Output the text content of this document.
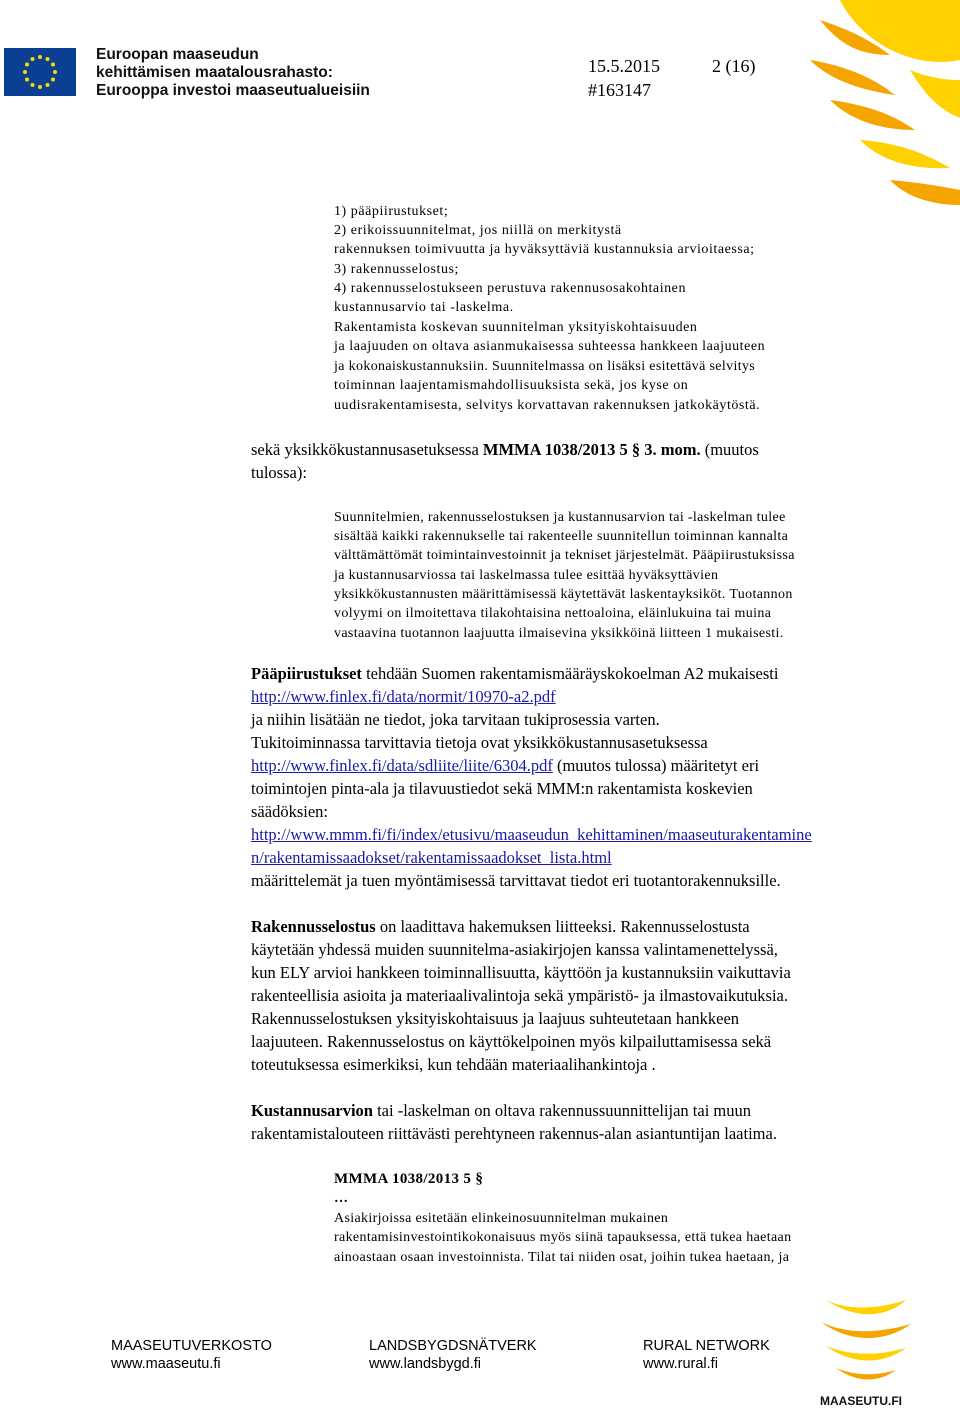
Euroopan maaseudun
kehittämisen maatalousrahasto:
Eurooppa investoi maaseutualueisiin
15.5.2015	2 (16)
#163147
1) pääpiirustukset;
2) erikoissuunnitelmat, jos niillä on merkitystä
rakennuksen toimivuutta ja hyväksyttäviä kustannuksia arvioitaessa;
3) rakennusselostus;
4) rakennusselostukseen perustuva rakennusosakohtainen
kustannusarvio tai -laskelma.
Rakentamista koskevan suunnitelman yksityiskohtaisuuden
ja laajuuden on oltava asianmukaisessa suhteessa hankkeen laajuuteen
ja kokonaiskustannuksiin. Suunnitelmassa on lisäksi esitettävä selvitys
toiminnan laajentamismahdollisuuksista sekä, jos kyse on
uudisrakentamisesta, selvitys korvattavan rakennuksen jatkokäytöstä.
sekä yksikkökustannusasetuksessa MMMA 1038/2013 5 § 3. mom. (muutos
tulossa):
Suunnitelmien, rakennusselostuksen ja kustannusarvion tai -laskelman tulee
sisältää kaikki rakennukselle tai rakenteelle suunnitellun toiminnan kannalta
välttämättömät toimintainvestoinnit ja tekniset järjestelmät. Pääpiirustuksissa
ja kustannusarviossa tai laskelmassa tulee esittää hyväksyttävien
yksikkökustannusten määrittämisessä käytettävät laskentayksiköt. Tuotannon
volyymi on ilmoitettava tilakohtaisina nettoaloina, eläinlukuina tai muina
vastaavina tuotannon laajuutta ilmaisevina yksikköinä liitteen 1 mukaisesti.
Pääpiirustukset tehdään Suomen rakentamismääräyskokoelman A2 mukaisesti
http://www.finlex.fi/data/normit/10970-a2.pdf
ja niihin lisätään ne tiedot, joka tarvitaan tukiprosessia varten.
Tukitoiminnassa tarvittavia tietoja ovat yksikkökustannusasetuksessa
http://www.finlex.fi/data/sdliite/liite/6304.pdf (muutos tulossa) määritetyt eri
toimintojen pinta-ala ja tilavuustiedot sekä MMM:n rakentamista koskevien
säädöksien:
http://www.mmm.fi/fi/index/etusivu/maaseudun_kehittaminen/maaseuturakentamine
n/rakentamissaadokset/rakentamissaadokset_lista.html
määrittelemät ja tuen myöntämisessä tarvittavat tiedot eri tuotantorakennuksille.
Rakennusselostus on laadittava hakemuksen liitteeksi. Rakennusselostusta
käytetään yhdessä muiden suunnitelma-asiakirjojen kanssa valintamenettelyssä,
kun ELY arvioi hankkeen toiminnallisuutta, käyttöön ja kustannuksiin vaikuttavia
rakenteellisia asioita ja materiaalivalintoja sekä ympäristö- ja ilmastovaikutuksia.
Rakennusselostuksen yksityiskohtaisuus ja laajuus suhteutetaan hankkeen
laajuuteen. Rakennusselostus on käyttökelpoinen myös kilpailuttamisessa sekä
toteutuksessa esimerkiksi, kun tehdään materiaalihankintoja .
Kustannusarvion tai -laskelman on oltava rakennussuunnittelijan tai muun
rakentamistalouteen riittävästi perehtyneen rakennus-alan asiantuntijan laatima.
MMMA 1038/2013 5 §
…
Asiakirjoissa esitetään elinkeinosuunnitelman mukainen
rakentamisinvestointikokonaisuus myös siinä tapauksessa, että tukea haetaan
ainoastaan osaan investoinnista. Tilat tai niiden osat, joihin tukea haetaan, ja
MAASEUTUVERKOSTO
www.maaseutu.fi
LANDSBYGDSNÄTVERK
www.landsbygd.fi
RURAL NETWORK
www.rural.fi
MAASEUTU.FI
